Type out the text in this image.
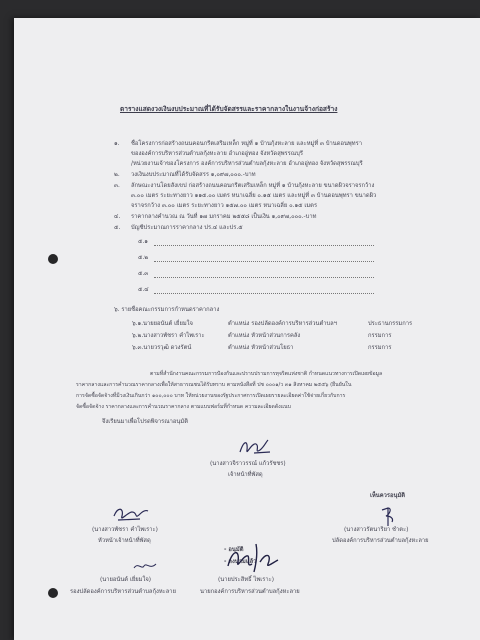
ตารางแสดงวงเงินงบประมาณที่ได้รับจัดสรรและราคากลางในงานจ้างก่อสร้าง
๑. ชื่อโครงการก่อสร้างถนนคอนกรีตเสริมเหล็ก หมู่ที่ ๑ บ้านกุ้งหะลาย และหมู่ที่ ๓ บ้านดอนพุทรา
ขององค์การบริหารส่วนตำบลกุ้งหะลาย อำเภออู่ทอง จังหวัดสุพรรณบุรี
/หน่วยงานเจ้าของโครงการ องค์การบริหารส่วนตำบลกุ้งหะลาย อำเภออู่ทอง จังหวัดสุพรรณบุรี
๒. วงเงินงบประมาณที่ได้รับจัดสรร ๑,๐๙๗,๐๐๐.-บาท
๓. ลักษณะงานโดยสังเขป ก่อสร้างถนนคอนกรีตเสริมเหล็ก หมู่ที่ ๑ บ้านกุ้งหะลาย ขนาดผิวจราจรกว้าง
๓.๐๐ เมตร ระยะทางยาว ๑๑๕.๐๐ เมตร หนาเฉลี่ย ๐.๑๕ เมตร และหมู่ที่ ๓ บ้านดอนพุทรา ขนาดผิว
จราจรกว้าง ๓.๐๐ เมตร ระยะทางยาว ๑๕๗.๐๐ เมตร หนาเฉลี่ย ๐.๑๕ เมตร
๔. ราคากลางคำนวณ ณ วันที่ ๑๗ มกราคม ๒๕๕๘ เป็นเงิน ๑,๐๙๗,๐๐๐.-บาท
๕. บัญชีประมาณการราคากลาง ปร.๔ และปร.๕
๕.๑
๕.๒
๕.๓
๕.๔
๖. รายชื่อคณะกรรมการกำหนดราคากลาง
๖.๑.นายยอนันต์ เยี่ยมใจ	ตำแหน่ง รองปลัดองค์การบริหารส่วนตำบลฯ	ประธานกรรมการ
๖.๒.นางสาวพัชรา คำไพเราะ	ตำแหน่ง หัวหน้าส่วนการคลัง	กรรมการ
๖.๓.นายวรวุฒิ ดวงรัตน์	ตำแหน่ง หัวหน้าส่วนโยธา	กรรมการ
ตามที่สำนักงานคณะกรรมการป้องกันและปราบปรามการทุจริตแห่งชาติ กำหนดแนวทางการเปิดเผยข้อมูล
ราคากลางและการคำนวณราคากลางเพื่อให้สาธารณชนได้รับทราบ ตามหนังสือที่ ปช ๐๐๐๑/ว ๓๑ สิงหาคม ๒๕๕๖ (ยืนยันใน
การจัดซื้อจัดจ้างที่มีวงเงินเกินกว่า ๑๐๐,๐๐๐ บาท ให้หน่วยงานของรัฐประกาศการเปิดเผยรายละเอียดค่าใช้จ่ายเกี่ยวกับการ
จัดซื้อจัดจ้าง ราคากลางและการคำนวณราคากลาง ตามแบบฟอร์มที่กำหนด ความละเอียดดังแนบ
จึงเรียนมาเพื่อโปรดพิจารณาอนุมัติ
(นางสาวจิราวรรณ์ แก้วรัชชร)
เจ้าหน้าที่พัสดุ
เห็นควรอนุมัติ
(นางสาวพัชรา คำไพเราะ)
หัวหน้าเจ้าหน้าที่พัสดุ
(นางสาวรัตนาริยา ชำตะ)
ปลัดองค์การบริหารส่วนตำบลกุ้งหะลาย
- อนุมัติ
- ลงนามแล้ว
(นายอนันต์ เยี่ยมใจ)
รองปลัดองค์การบริหารส่วนตำบลกุ้งหะลาย
(นายประสิทธิ์ ไพเราะ)
นายกองค์การบริหารส่วนตำบลกุ้งหะลาย
